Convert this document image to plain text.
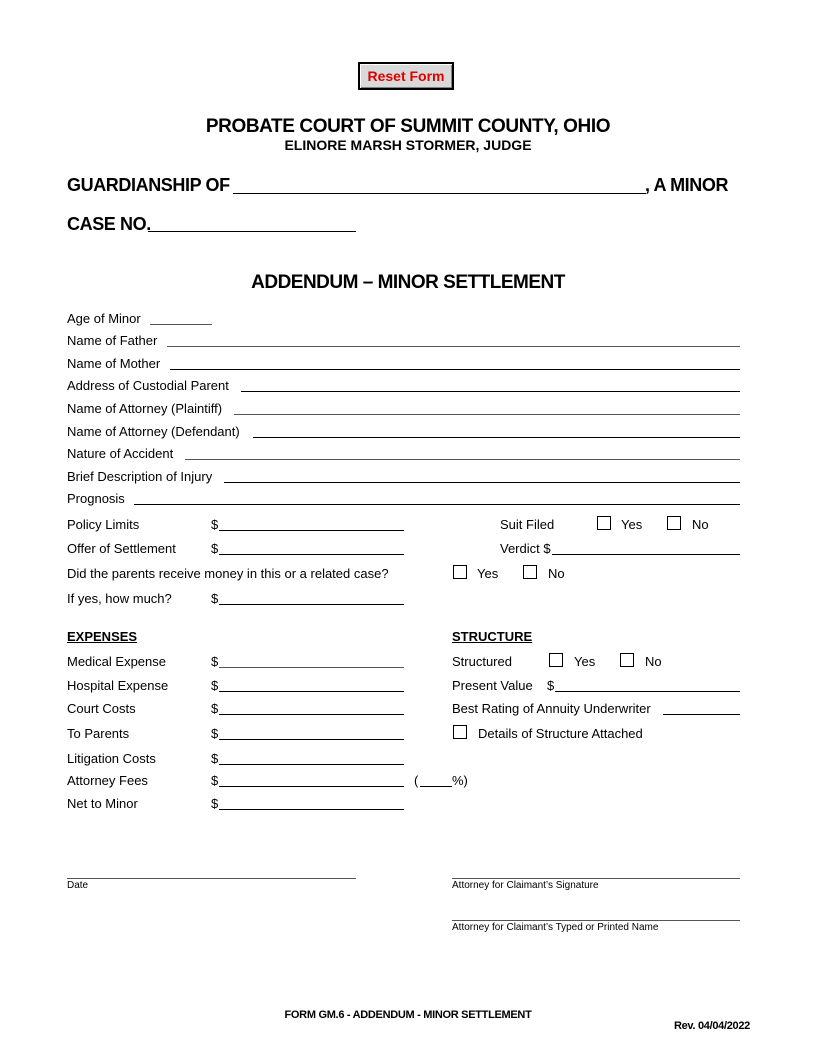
Reset Form
PROBATE COURT OF SUMMIT COUNTY, OHIO
ELINORE MARSH STORMER, JUDGE
GUARDIANSHIP OF	, A MINOR
CASE NO.
ADDENDUM – MINOR SETTLEMENT
Age of Minor
Name of Father
Name of Mother
Address of Custodial Parent
Name of Attorney (Plaintiff)
Name of Attorney (Defendant)
Nature of Accident
Brief Description of Injury
Prognosis
Policy Limits	$	Suit Filed	Yes	No
Offer of Settlement	$	Verdict $
Did the parents receive money in this or a related case?	Yes	No
If yes, how much?	$
EXPENSES	STRUCTURE
Medical Expense	$
Hospital Expense	$
Court Costs	$
To Parents	$
Litigation Costs	$
Attorney Fees	$	(	%)
Net to Minor	$
Structured	Yes	No
Present Value $
Best Rating of Annuity Underwriter
Details of Structure Attached
Date	Attorney for Claimant’s Signature
Attorney for Claimant’s Typed or Printed Name
FORM GM.6 - ADDENDUM - MINOR SETTLEMENT
Rev. 04/04/2022
